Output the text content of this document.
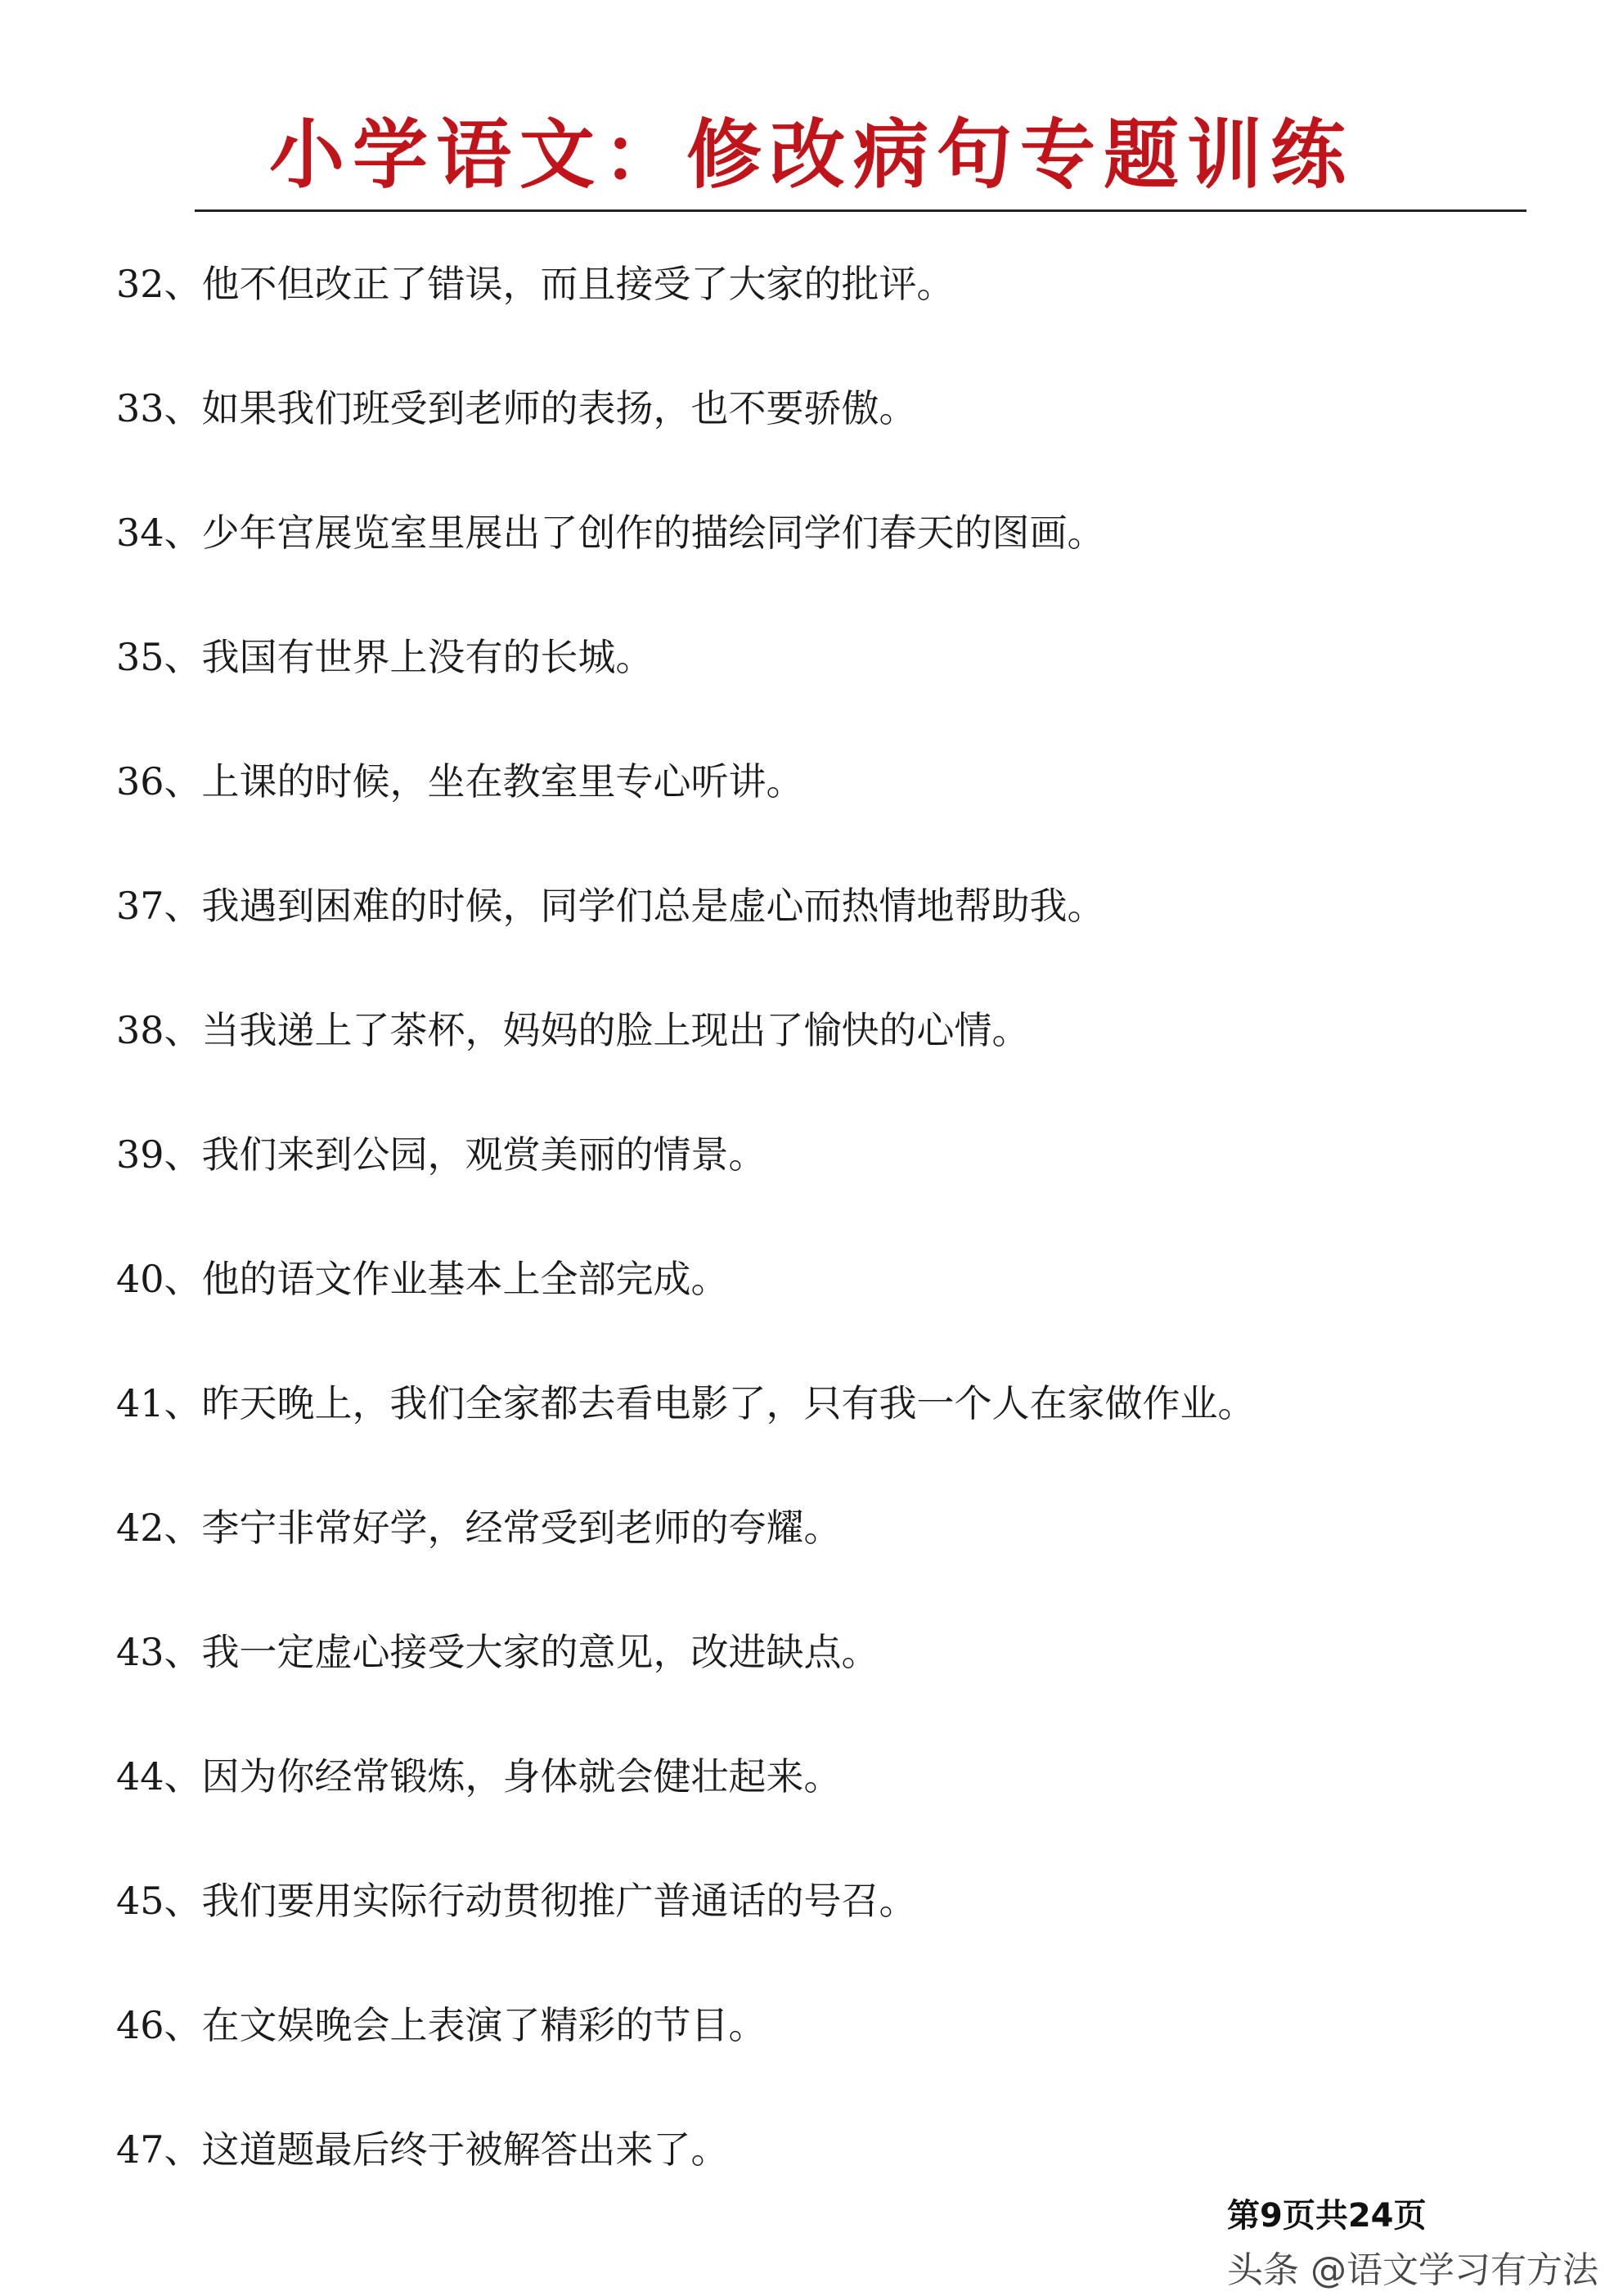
小学语文：修改病句专题训练
32、他不但改正了错误，而且接受了大家的批评。
33、如果我们班受到老师的表扬，也不要骄傲。
34、少年宫展览室里展出了创作的描绘同学们春天的图画。
35、我国有世界上没有的长城。
36、上课的时候，坐在教室里专心听讲。
37、我遇到困难的时候，同学们总是虚心而热情地帮助我。
38、当我递上了茶杯，妈妈的脸上现出了愉快的心情。
39、我们来到公园，观赏美丽的情景。
40、他的语文作业基本上全部完成。
41、昨天晚上，我们全家都去看电影了，只有我一个人在家做作业。
42、李宁非常好学，经常受到老师的夸耀。
43、我一定虚心接受大家的意见，改进缺点。
44、因为你经常锻炼，身体就会健壮起来。
45、我们要用实际行动贯彻推广普通话的号召。
46、在文娱晚会上表演了精彩的节目。
47、这道题最后终于被解答出来了。
第9页共24页
头条 @语文学习有方法
